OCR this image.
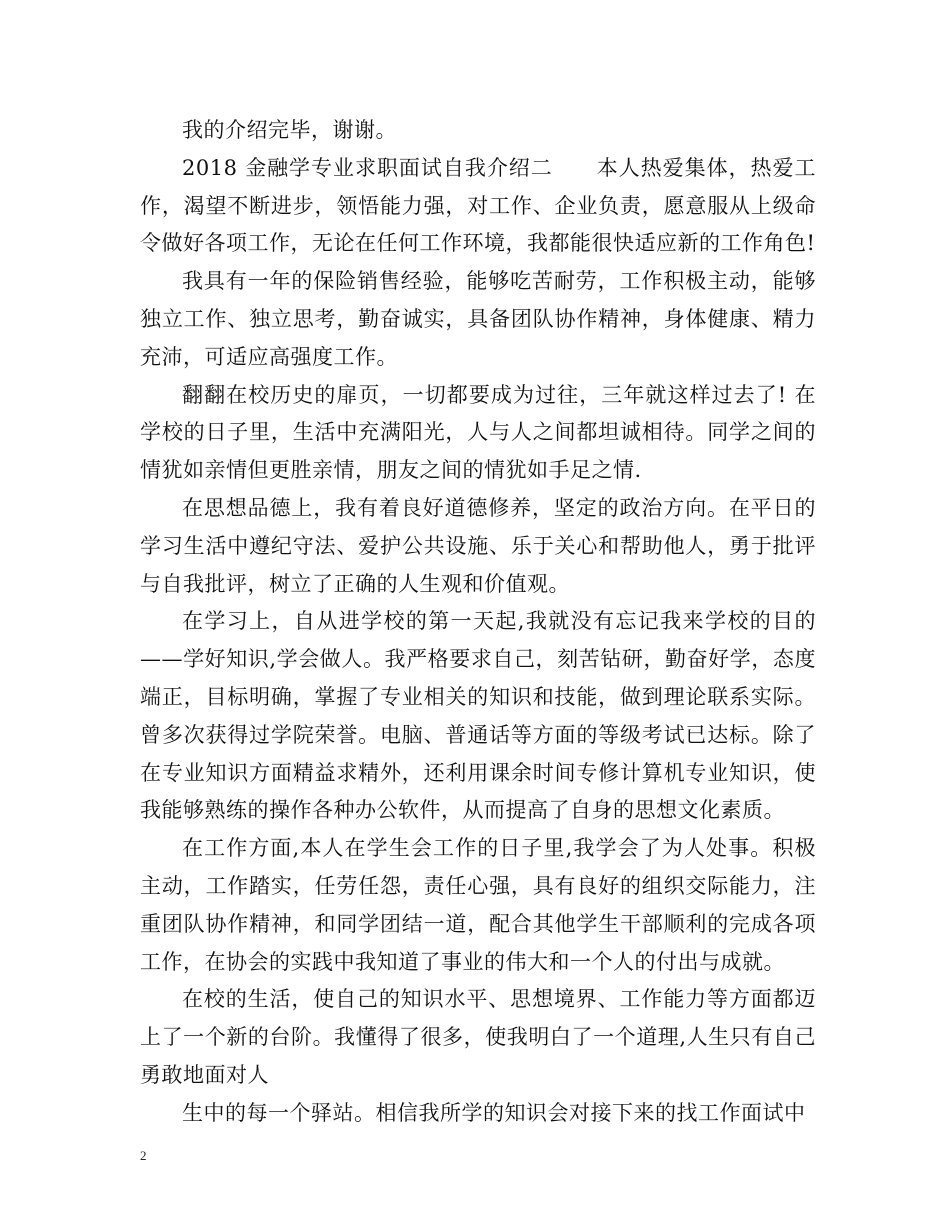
我的介绍完毕，谢谢。

2018 金融学专业求职面试自我介绍二　　本人热爱集体，热爱工作，渴望不断进步，领悟能力强，对工作、企业负责，愿意服从上级命令做好各项工作，无论在任何工作环境，我都能很快适应新的工作角色!

我具有一年的保险销售经验，能够吃苦耐劳，工作积极主动，能够独立工作、独立思考，勤奋诚实，具备团队协作精神，身体健康、精力充沛，可适应高强度工作。

翻翻在校历史的扉页，一切都要成为过往，三年就这样过去了! 在学校的日子里，生活中充满阳光，人与人之间都坦诚相待。同学之间的情犹如亲情但更胜亲情，朋友之间的情犹如手足之情.

在思想品德上，我有着良好道德修养，坚定的政治方向。在平日的学习生活中遵纪守法、爱护公共设施、乐于关心和帮助他人，勇于批评与自我批评，树立了正确的人生观和价值观。

在学习上，自从进学校的第一天起,我就没有忘记我来学校的目的——学好知识,学会做人。我严格要求自己，刻苦钻研，勤奋好学，态度端正，目标明确，掌握了专业相关的知识和技能，做到理论联系实际。曾多次获得过学院荣誉。电脑、普通话等方面的等级考试已达标。除了在专业知识方面精益求精外，还利用课余时间专修计算机专业知识，使我能够熟练的操作各种办公软件，从而提高了自身的思想文化素质。

在工作方面,本人在学生会工作的日子里,我学会了为人处事。积极主动，工作踏实，任劳任怨，责任心强，具有良好的组织交际能力，注重团队协作精神，和同学团结一道，配合其他学生干部顺利的完成各项工作，在协会的实践中我知道了事业的伟大和一个人的付出与成就。

在校的生活，使自己的知识水平、思想境界、工作能力等方面都迈上了一个新的台阶。我懂得了很多，使我明白了一个道理,人生只有自己勇敢地面对人

生中的每一个驿站。相信我所学的知识会对接下来的找工作面试中

2
